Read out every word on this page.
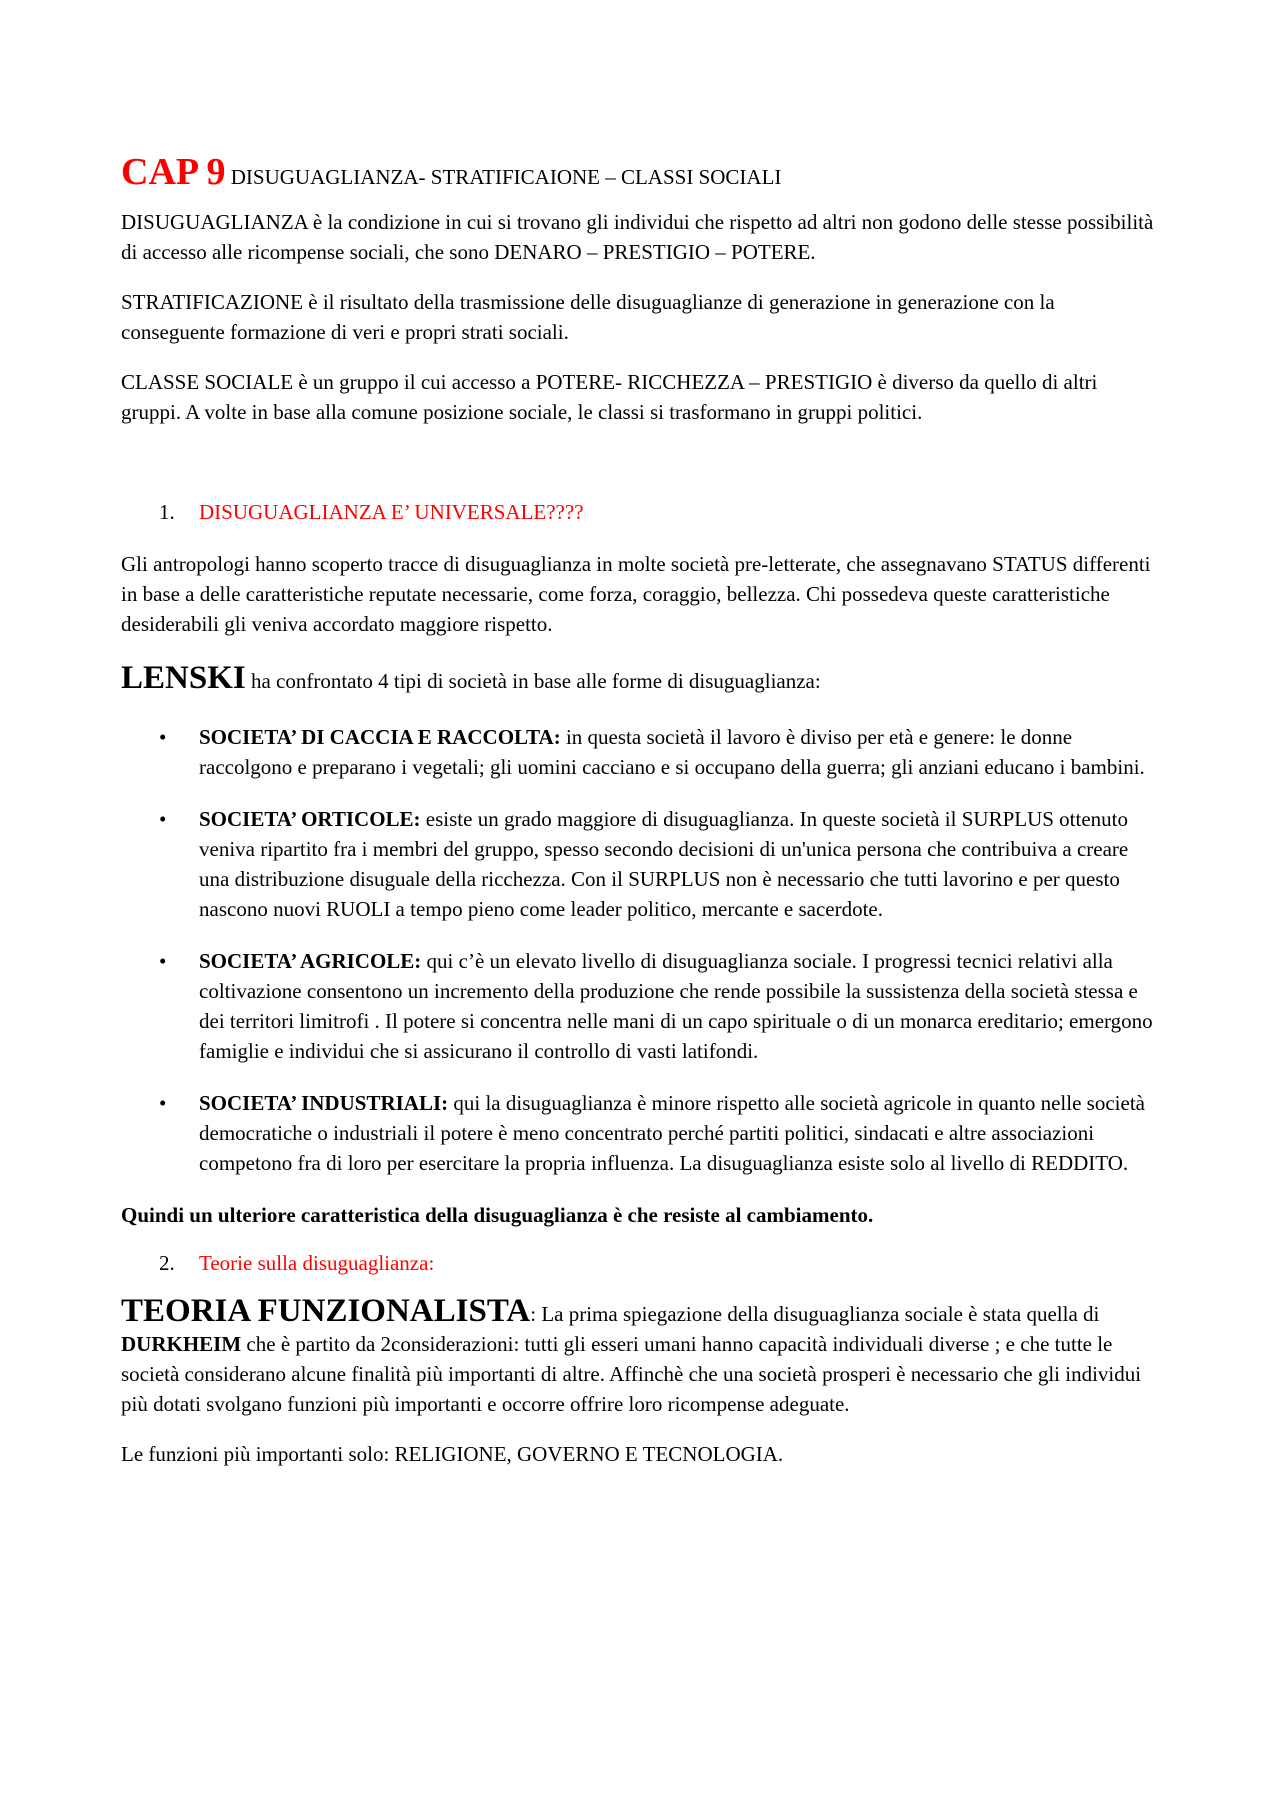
CAP 9 DISUGUAGLIANZA- STRATIFICAIONE – CLASSI SOCIALI

DISUGUAGLIANZA è la condizione in cui si trovano gli individui che rispetto ad altri non godono delle stesse possibilità di accesso alle ricompense sociali, che sono DENARO – PRESTIGIO – POTERE.

STRATIFICAZIONE è il risultato della trasmissione delle disuguaglianze di generazione in generazione con la conseguente formazione di veri e propri strati sociali.

CLASSE SOCIALE è un gruppo il cui accesso a POTERE- RICCHEZZA – PRESTIGIO è diverso da quello di altri gruppi. A volte in base alla comune posizione sociale, le classi si trasformano in gruppi politici.

1.	DISUGUAGLIANZA E’ UNIVERSALE????

Gli antropologi hanno scoperto tracce di disuguaglianza in molte società pre-letterate, che assegnavano STATUS differenti in base a delle caratteristiche reputate necessarie, come forza, coraggio, bellezza. Chi possedeva queste caratteristiche desiderabili gli veniva accordato maggiore rispetto.

LENSKI ha confrontato 4 tipi di società in base alle forme di disuguaglianza:

•	SOCIETA’ DI CACCIA E RACCOLTA: in questa società il lavoro è diviso per età e genere: le donne raccolgono e preparano i vegetali; gli uomini cacciano e si occupano della guerra; gli anziani educano i bambini.

•	SOCIETA’ ORTICOLE: esiste un grado maggiore di disuguaglianza. In queste società il SURPLUS ottenuto veniva ripartito fra i membri del gruppo, spesso secondo decisioni di un'unica persona che contribuiva a creare una distribuzione disuguale della ricchezza. Con il SURPLUS non è necessario che tutti lavorino e per questo nascono nuovi RUOLI a tempo pieno come leader politico, mercante e sacerdote.

•	SOCIETA’ AGRICOLE: qui c’è un elevato livello di disuguaglianza sociale. I progressi tecnici relativi alla coltivazione consentono un incremento della produzione che rende possibile la sussistenza della società stessa e dei territori limitrofi . Il potere si concentra nelle mani di un capo spirituale o di un monarca ereditario; emergono famiglie e individui che si assicurano il controllo di vasti latifondi.

•	SOCIETA’ INDUSTRIALI: qui la disuguaglianza è minore rispetto alle società agricole in quanto nelle società democratiche o industriali il potere è meno concentrato perché partiti politici, sindacati e altre associazioni competono fra di loro per esercitare la propria influenza. La disuguaglianza esiste solo al livello di REDDITO.

Quindi un ulteriore caratteristica della disuguaglianza è che resiste al cambiamento.

2.	Teorie sulla disuguaglianza:

TEORIA FUNZIONALISTA: La prima spiegazione della disuguaglianza sociale è stata quella di DURKHEIM che è partito da 2considerazioni: tutti gli esseri umani hanno capacità individuali diverse ; e che tutte le società considerano alcune finalità più importanti di altre. Affinchè che una società prosperi è necessario che gli individui più dotati svolgano funzioni più importanti e occorre offrire loro ricompense adeguate.

Le funzioni più importanti solo: RELIGIONE, GOVERNO E TECNOLOGIA.
